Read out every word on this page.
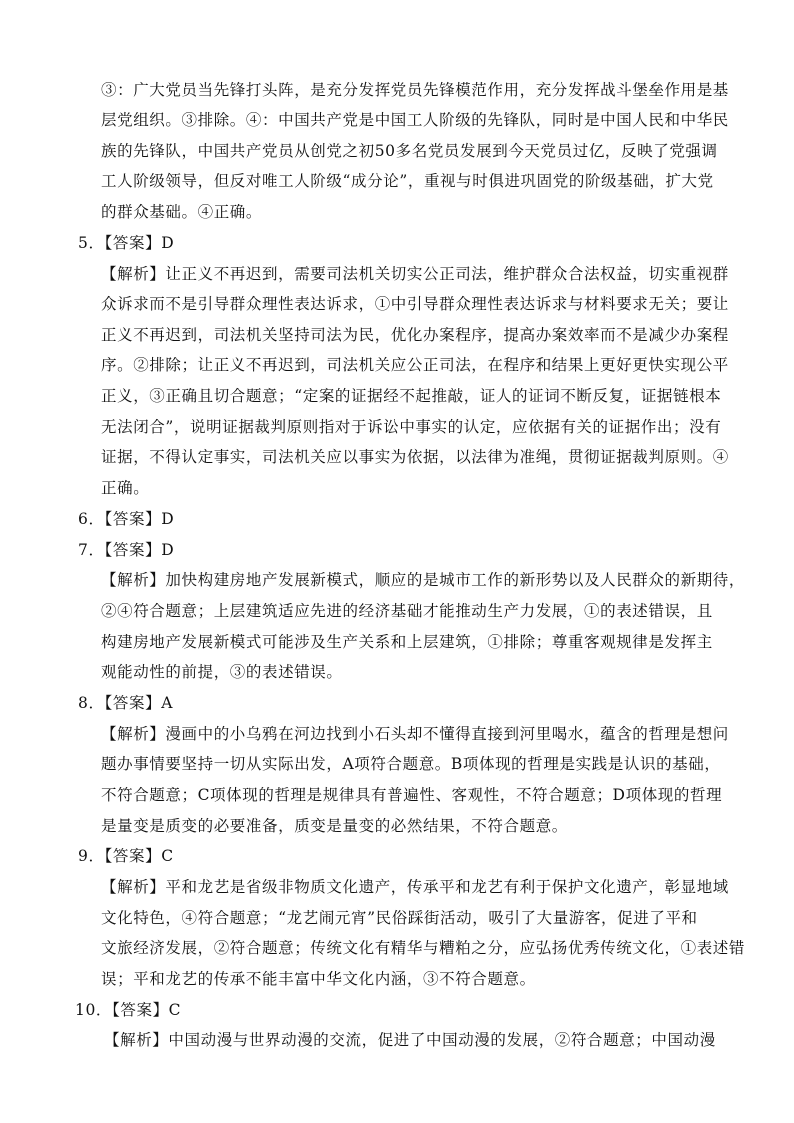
③：广大党员当先锋打头阵，是充分发挥党员先锋模范作用，充分发挥战斗堡垒作用是基
层党组织。③排除。④：中国共产党是中国工人阶级的先锋队，同时是中国人民和中华民
族的先锋队，中国共产党员从创党之初50多名党员发展到今天党员过亿，反映了党强调
工人阶级领导，但反对唯工人阶级“成分论”，重视与时俱进巩固党的阶级基础，扩大党
的群众基础。④正确。
5．【答案】D
【解析】让正义不再迟到，需要司法机关切实公正司法，维护群众合法权益，切实重视群
众诉求而不是引导群众理性表达诉求，①中引导群众理性表达诉求与材料要求无关；要让
正义不再迟到，司法机关坚持司法为民，优化办案程序，提高办案效率而不是减少办案程
序。②排除；让正义不再迟到，司法机关应公正司法，在程序和结果上更好更快实现公平
正义，③正确且切合题意；“定案的证据经不起推敲，证人的证词不断反复，证据链根本
无法闭合”，说明证据裁判原则指对于诉讼中事实的认定，应依据有关的证据作出；没有
证据，不得认定事实，司法机关应以事实为依据，以法律为准绳，贯彻证据裁判原则。④
正确。
6．【答案】D
7．【答案】D
【解析】加快构建房地产发展新模式，顺应的是城市工作的新形势以及人民群众的新期待，
②④符合题意；上层建筑适应先进的经济基础才能推动生产力发展，①的表述错误，且
构建房地产发展新模式可能涉及生产关系和上层建筑，①排除；尊重客观规律是发挥主
观能动性的前提，③的表述错误。
8．【答案】A
【解析】漫画中的小乌鸦在河边找到小石头却不懂得直接到河里喝水，蕴含的哲理是想问
题办事情要坚持一切从实际出发，A项符合题意。B项体现的哲理是实践是认识的基础，
不符合题意；C项体现的哲理是规律具有普遍性、客观性，不符合题意；D项体现的哲理
是量变是质变的必要准备，质变是量变的必然结果，不符合题意。
9．【答案】C
【解析】平和龙艺是省级非物质文化遗产，传承平和龙艺有利于保护文化遗产，彰显地域
文化特色，④符合题意；“龙艺闹元宵”民俗踩街活动，吸引了大量游客，促进了平和
文旅经济发展，②符合题意；传统文化有精华与糟粕之分，应弘扬优秀传统文化，①表述错
误；平和龙艺的传承不能丰富中华文化内涵，③不符合题意。
10．【答案】C
【解析】中国动漫与世界动漫的交流，促进了中国动漫的发展，②符合题意；中国动漫
